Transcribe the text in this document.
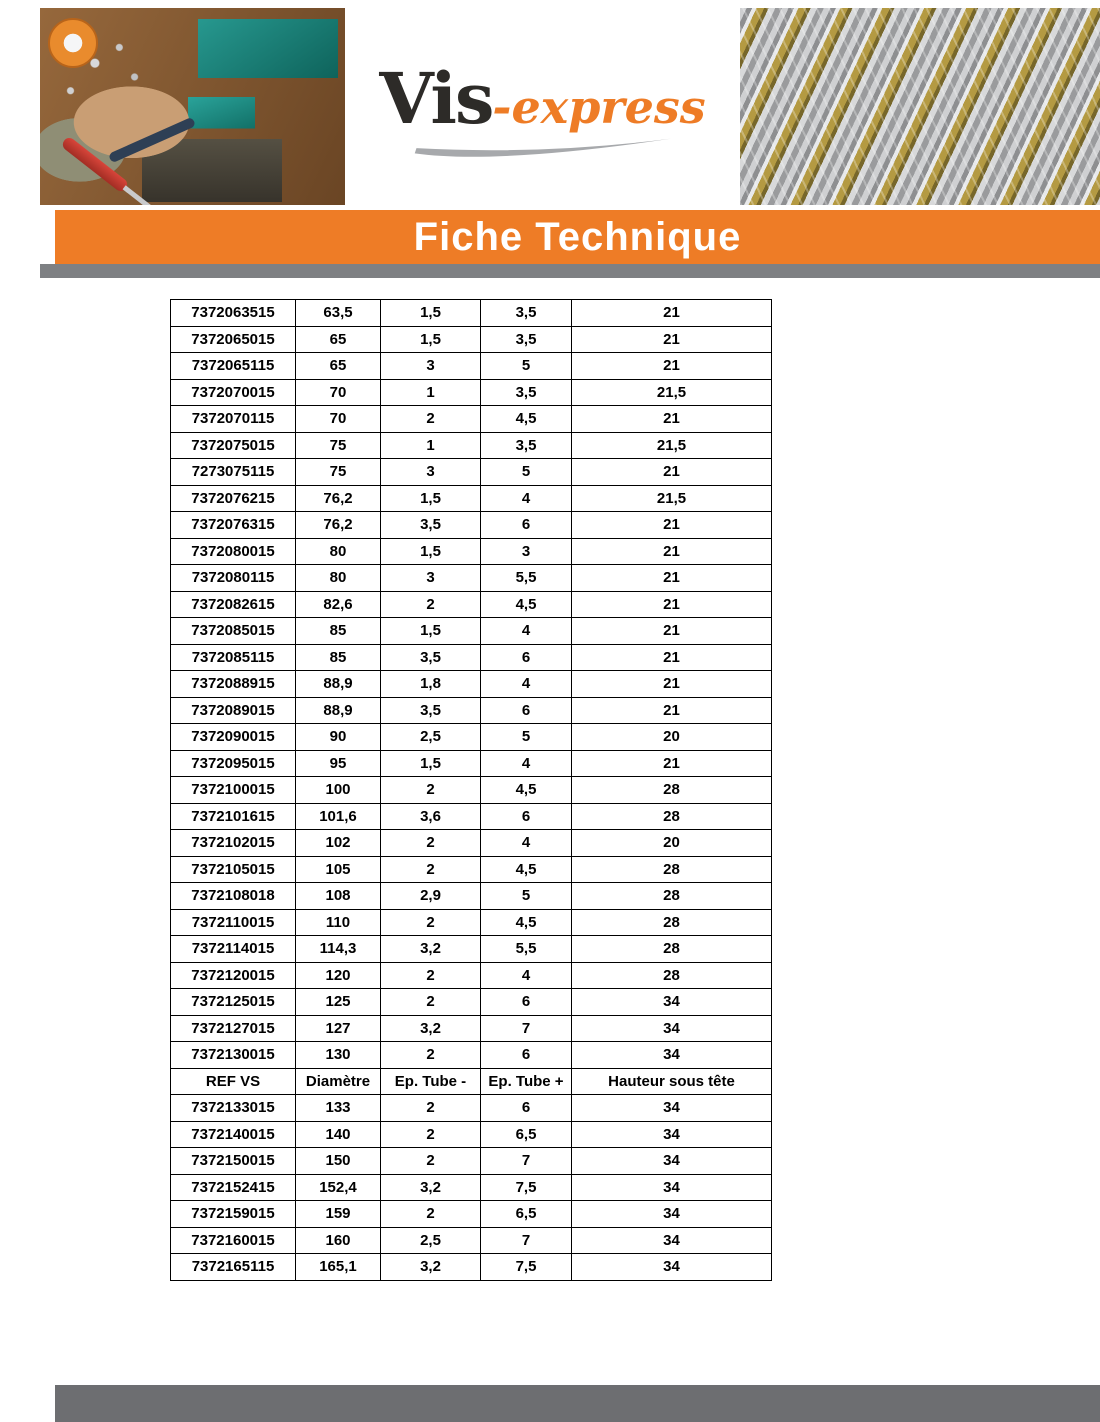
Vis-express
Fiche Technique
7372063515	63,5	1,5	3,5	21
7372065015	65	1,5	3,5	21
7372065115	65	3	5	21
7372070015	70	1	3,5	21,5
7372070115	70	2	4,5	21
7372075015	75	1	3,5	21,5
7273075115	75	3	5	21
7372076215	76,2	1,5	4	21,5
7372076315	76,2	3,5	6	21
7372080015	80	1,5	3	21
7372080115	80	3	5,5	21
7372082615	82,6	2	4,5	21
7372085015	85	1,5	4	21
7372085115	85	3,5	6	21
7372088915	88,9	1,8	4	21
7372089015	88,9	3,5	6	21
7372090015	90	2,5	5	20
7372095015	95	1,5	4	21
7372100015	100	2	4,5	28
7372101615	101,6	3,6	6	28
7372102015	102	2	4	20
7372105015	105	2	4,5	28
7372108018	108	2,9	5	28
7372110015	110	2	4,5	28
7372114015	114,3	3,2	5,5	28
7372120015	120	2	4	28
7372125015	125	2	6	34
7372127015	127	3,2	7	34
7372130015	130	2	6	34
REF VS	Diamètre	Ep. Tube -	Ep. Tube +	Hauteur sous tête
7372133015	133	2	6	34
7372140015	140	2	6,5	34
7372150015	150	2	7	34
7372152415	152,4	3,2	7,5	34
7372159015	159	2	6,5	34
7372160015	160	2,5	7	34
7372165115	165,1	3,2	7,5	34
